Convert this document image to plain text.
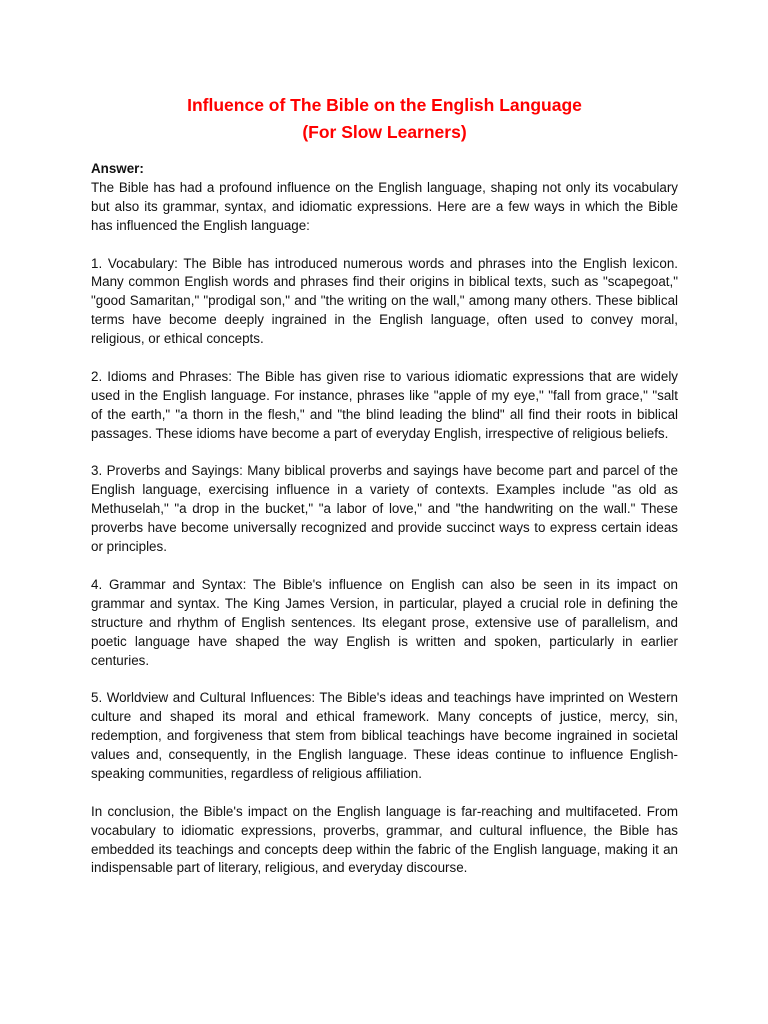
Influence of The Bible on the English Language
(For Slow Learners)

Answer:

The Bible has had a profound influence on the English language, shaping not only its vocabulary but also its grammar, syntax, and idiomatic expressions. Here are a few ways in which the Bible has influenced the English language:

1. Vocabulary: The Bible has introduced numerous words and phrases into the English lexicon. Many common English words and phrases find their origins in biblical texts, such as "scapegoat," "good Samaritan," "prodigal son," and "the writing on the wall," among many others. These biblical terms have become deeply ingrained in the English language, often used to convey moral, religious, or ethical concepts.

2. Idioms and Phrases: The Bible has given rise to various idiomatic expressions that are widely used in the English language. For instance, phrases like "apple of my eye," "fall from grace," "salt of the earth," "a thorn in the flesh," and "the blind leading the blind" all find their roots in biblical passages. These idioms have become a part of everyday English, irrespective of religious beliefs.

3. Proverbs and Sayings: Many biblical proverbs and sayings have become part and parcel of the English language, exercising influence in a variety of contexts. Examples include "as old as Methuselah," "a drop in the bucket," "a labor of love," and "the handwriting on the wall." These proverbs have become universally recognized and provide succinct ways to express certain ideas or principles.

4. Grammar and Syntax: The Bible's influence on English can also be seen in its impact on grammar and syntax. The King James Version, in particular, played a crucial role in defining the structure and rhythm of English sentences. Its elegant prose, extensive use of parallelism, and poetic language have shaped the way English is written and spoken, particularly in earlier centuries.

5. Worldview and Cultural Influences: The Bible's ideas and teachings have imprinted on Western culture and shaped its moral and ethical framework. Many concepts of justice, mercy, sin, redemption, and forgiveness that stem from biblical teachings have become ingrained in societal values and, consequently, in the English language. These ideas continue to influence English-speaking communities, regardless of religious affiliation.

In conclusion, the Bible's impact on the English language is far-reaching and multifaceted. From vocabulary to idiomatic expressions, proverbs, grammar, and cultural influence, the Bible has embedded its teachings and concepts deep within the fabric of the English language, making it an indispensable part of literary, religious, and everyday discourse.
